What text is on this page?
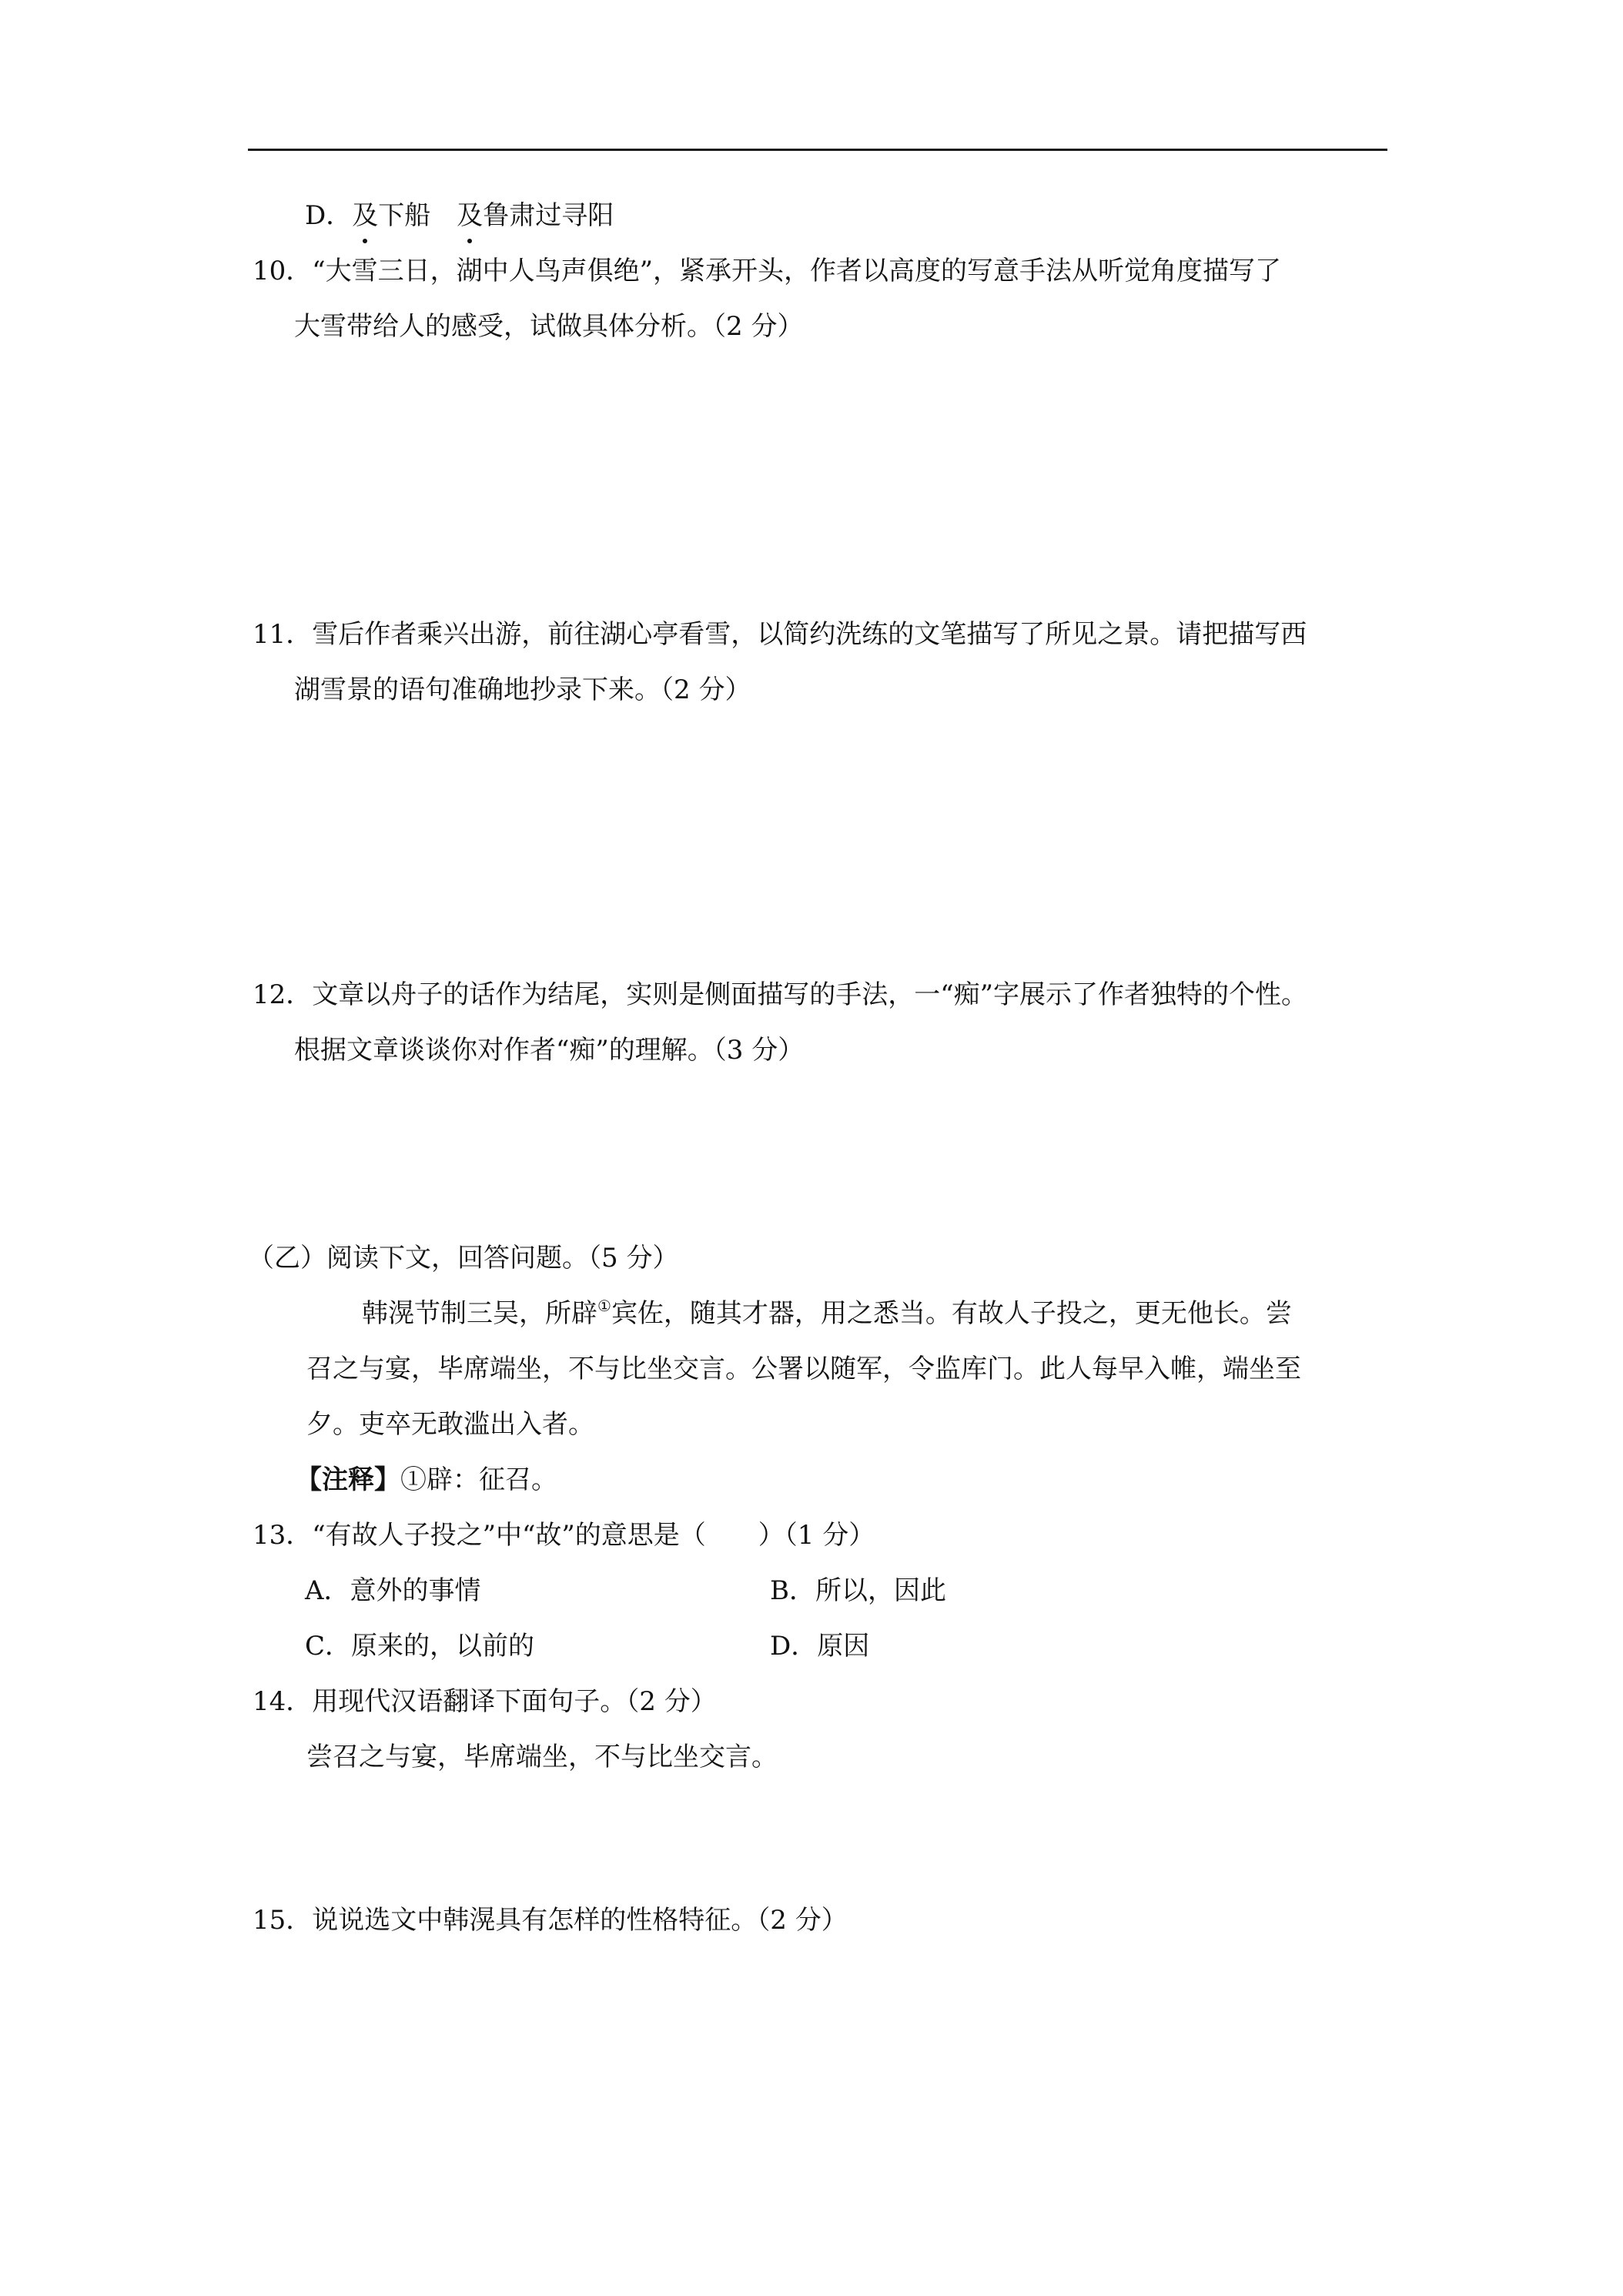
D．及下船 及鲁肃过寻阳

10．“大雪三日，湖中人鸟声俱绝”，紧承开头，作者以高度的写意手法从听觉角度描写了

大雪带给人的感受，试做具体分析。（2 分）

11．雪后作者乘兴出游，前往湖心亭看雪，以简约洗练的文笔描写了所见之景。请把描写西

湖雪景的语句准确地抄录下来。（2 分）

12．文章以舟子的话作为结尾，实则是侧面描写的手法，一“痴”字展示了作者独特的个性。

根据文章谈谈你对作者“痴”的理解。（3 分）

（乙）阅读下文，回答问题。（5 分）

韩滉节制三吴，所辟①宾佐，随其才器，用之悉当。有故人子投之，更无他长。尝

召之与宴，毕席端坐，不与比坐交言。公署以随军，令监库门。此人每早入帷，端坐至

夕。吏卒无敢滥出入者。

【注释】①辟：征召。

13．“有故人子投之”中“故”的意思是（　　）（1 分）

A．意外的事情	B．所以，因此

C．原来的，以前的	D．原因

14．用现代汉语翻译下面句子。（2 分）

尝召之与宴，毕席端坐，不与比坐交言。

15．说说选文中韩滉具有怎样的性格特征。（2 分）
